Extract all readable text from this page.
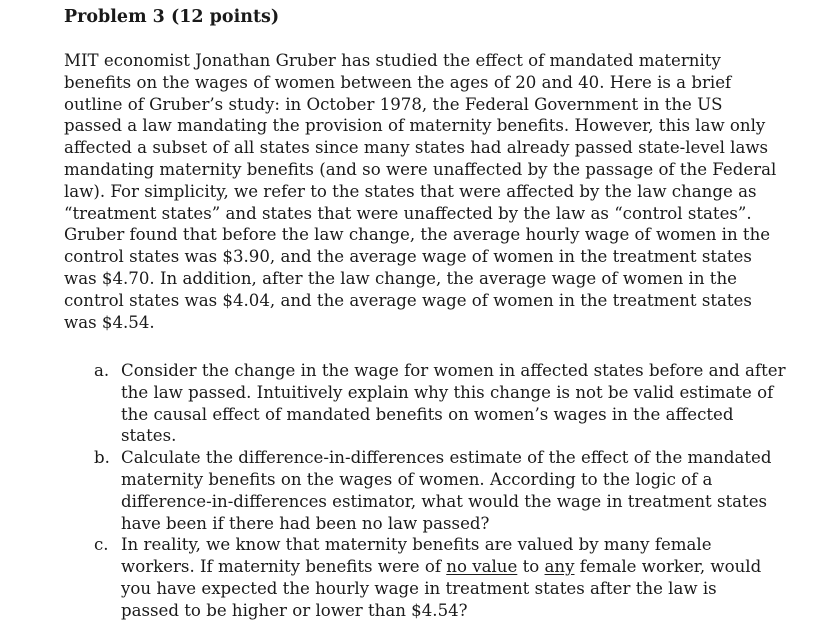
Problem 3 (12 points)
MIT economist Jonathan Gruber has studied the effect of mandated maternity
benefits on the wages of women between the ages of 20 and 40. Here is a brief
outline of Gruber’s study: in October 1978, the Federal Government in the US
passed a law mandating the provision of maternity benefits. However, this law only
affected a subset of all states since many states had already passed state-level laws
mandating maternity benefits (and so were unaffected by the passage of the Federal
law). For simplicity, we refer to the states that were affected by the law change as
“treatment states” and states that were unaffected by the law as “control states”.
Gruber found that before the law change, the average hourly wage of women in the
control states was $3.90, and the average wage of women in the treatment states
was $4.70. In addition, after the law change, the average wage of women in the
control states was $4.04, and the average wage of women in the treatment states
was $4.54.
a. Consider the change in the wage for women in affected states before and after
the law passed. Intuitively explain why this change is not be valid estimate of
the causal effect of mandated benefits on women’s wages in the affected
states.
b. Calculate the difference-in-differences estimate of the effect of the mandated
maternity benefits on the wages of women. According to the logic of a
difference-in-differences estimator, what would the wage in treatment states
have been if there had been no law passed?
c. In reality, we know that maternity benefits are valued by many female
workers. If maternity benefits were of no value to any female worker, would
you have expected the hourly wage in treatment states after the law is
passed to be higher or lower than $4.54?
